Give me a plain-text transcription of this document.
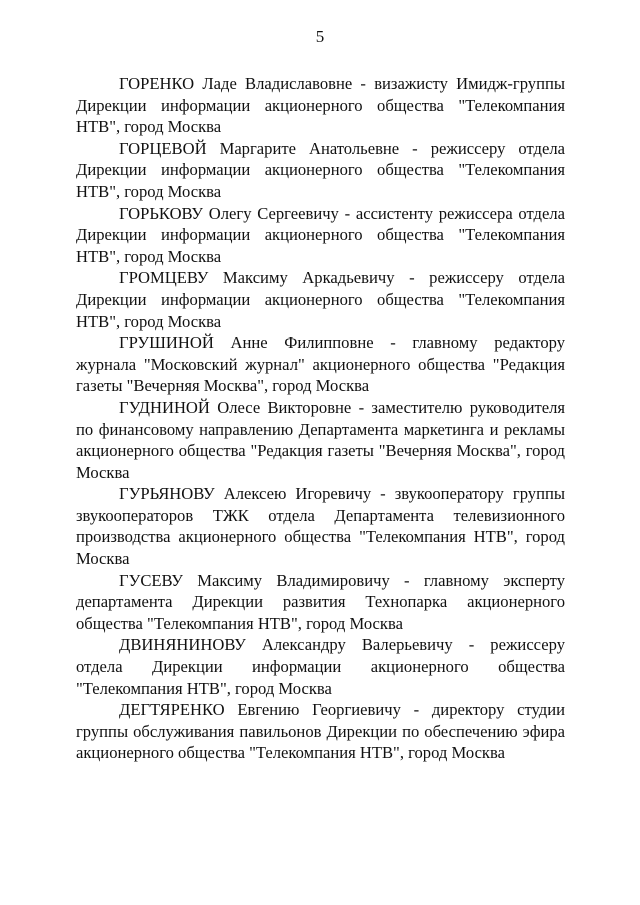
5

ГОРЕНКО Ладе Владиславовне - визажисту Имидж-группы Дирекции информации акционерного общества "Телекомпания НТВ", город Москва

ГОРЦЕВОЙ Маргарите Анатольевне - режиссеру отдела Дирекции информации акционерного общества "Телекомпания НТВ", город Москва

ГОРЬКОВУ Олегу Сергеевичу - ассистенту режиссера отдела Дирекции информации акционерного общества "Телекомпания НТВ", город Москва

ГРОМЦЕВУ Максиму Аркадьевичу - режиссеру отдела Дирекции информации акционерного общества "Телекомпания НТВ", город Москва

ГРУШИНОЙ Анне Филипповне - главному редактору журнала "Московский журнал" акционерного общества "Редакция газеты "Вечерняя Москва", город Москва

ГУДНИНОЙ Олесе Викторовне - заместителю руководителя по финансовому направлению Департамента маркетинга и рекламы акционерного общества "Редакция газеты "Вечерняя Москва", город Москва

ГУРЬЯНОВУ Алексею Игоревичу - звукооператору группы звукооператоров ТЖК отдела Департамента телевизионного производства акционерного общества "Телекомпания НТВ", город Москва

ГУСЕВУ Максиму Владимировичу - главному эксперту департамента Дирекции развития Технопарка акционерного общества "Телекомпания НТВ", город Москва

ДВИНЯНИНОВУ Александру Валерьевичу - режиссеру отдела Дирекции информации акционерного общества "Телекомпания НТВ", город Москва

ДЕГТЯРЕНКО Евгению Георгиевичу - директору студии группы обслуживания павильонов Дирекции по обеспечению эфира акционерного общества "Телекомпания НТВ", город Москва
